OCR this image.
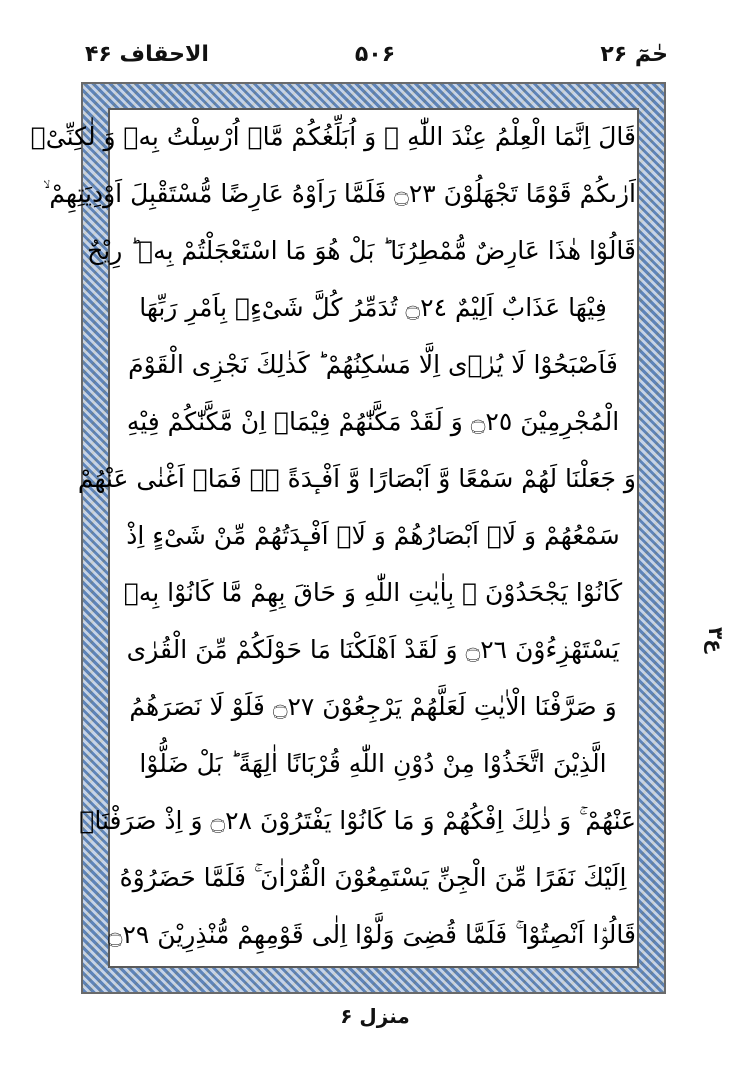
حٰمٓ ۲۶
۵۰۶
الاحقاف ۴۶
قَالَ اِنَّمَا الْعِلْمُ عِنْدَ اللّٰهِ ۫ وَ اُبَلِّغُكُمْ مَّاۤ اُرْسِلْتُ بِهٖ وَ لٰكِنِّیْۤ
اَرٰىكُمْ قَوْمًا تَجْهَلُوْنَ ۝٢٣ فَلَمَّا رَاَوْهُ عَارِضًا مُّسْتَقْبِلَ اَوْدِیَتِهِمْ ۙ
قَالُوْا هٰذَا عَارِضٌ مُّمْطِرُنَا ؕ بَلْ هُوَ مَا اسْتَعْجَلْتُمْ بِهٖ ؕ رِیْحٌ
فِیْهَا عَذَابٌ اَلِیْمٌ ۝٢٤ تُدَمِّرُ كُلَّ شَیْءٍۭ بِاَمْرِ رَبِّهَا
فَاَصْبَحُوْا لَا یُرٰۤى اِلَّا مَسٰكِنُهُمْ ؕ كَذٰلِكَ نَجْزِی الْقَوْمَ
الْمُجْرِمِیْنَ ۝٢٥ وَ لَقَدْ مَكَّنّٰهُمْ فِیْمَاۤ اِنْ مَّكَّنّٰكُمْ فِیْهِ
وَ جَعَلْنَا لَهُمْ سَمْعًا وَّ اَبْصَارًا وَّ اَفْـٕدَةً ۖؗ فَمَاۤ اَغْنٰى عَنْهُمْ
سَمْعُهُمْ وَ لَاۤ اَبْصَارُهُمْ وَ لَاۤ اَفْـٕدَتُهُمْ مِّنْ شَیْءٍ اِذْ
كَانُوْا یَجْحَدُوْنَ ۙ بِاٰیٰتِ اللّٰهِ وَ حَاقَ بِهِمْ مَّا كَانُوْا بِهٖ
یَسْتَهْزِءُوْنَ ۝٢٦ وَ لَقَدْ اَهْلَكْنَا مَا حَوْلَكُمْ مِّنَ الْقُرٰى
وَ صَرَّفْنَا الْاٰیٰتِ لَعَلَّهُمْ یَرْجِعُوْنَ ۝٢٧ فَلَوْ لَا نَصَرَهُمُ
الَّذِیْنَ اتَّخَذُوْا مِنْ دُوْنِ اللّٰهِ قُرْبَانًا اٰلِهَةً ؕ بَلْ ضَلُّوْا
عَنْهُمْ ۚ وَ ذٰلِكَ اِفْكُهُمْ وَ مَا كَانُوْا یَفْتَرُوْنَ ۝٢٨ وَ اِذْ صَرَفْنَاۤ
اِلَیْكَ نَفَرًا مِّنَ الْجِنِّ یَسْتَمِعُوْنَ الْقُرْاٰنَ ۚ فَلَمَّا حَضَرُوْهُ
قَالُوْۤا اَنْصِتُوْا ۚ فَلَمَّا قُضِیَ وَلَّوْا اِلٰى قَوْمِهِمْ مُّنْذِرِیْنَ ۝٢٩
۳ع
منزل ۶
